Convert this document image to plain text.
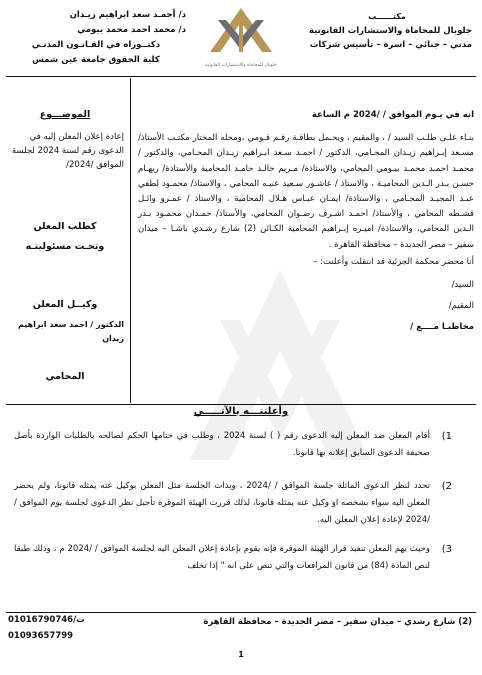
مكتــــــب
جلوبال للمحاماة والاستشارات القانونية
مدني – جنائي – اسرة – تأسيس شركات
جلوبال للمحاماة والاستشارات القانونية
د/ أحمـد سعد ابراهيم زيـدان
د/ محمد احمد محمد بيومي
دكتــوراه في القـانـون المدنـي
كلية الحقوق جامعة عين شمس
الموضـــوع
إعادة إعلان المعلن إليه في الدعوى رقم لسنة 2024 لجلسة الموافق /2024/
كطلب المعلن
وتحـت مسئوليتـه
وكيــل المعلن
الدكتور / احمد سعد ابراهيم زيدان
المحامي
انه في يـوم الموافق / /2024 م الساعة
بنـاء علـى طلـب السيد / ، والمقيم ، ويحـمل بطاقـة رقـم قـومي ،ومحله المختار مكتـب الأستاذ/ مسـعد إبـراهيم زيـدان المحـامي، الدكتور / احمـد سـعد ابـراهيم زيـدان المحـامي، والدكتور / محمـد احمـد محمـد بيـومي المحامي، والاستاذة/ مـريم خالـد حامـد المحامية والأستاذة/ ريهـام حسـن بـدر الـدين المحاميـة ، والاستاذ / عاشـور سـعيد عنبـه المحامي ، والاستاذ/ محمـود لطفي عبـد المجيـد المحـامي ، والاستاذة/ ايمـان عبـاس هـلال المحامية ، والاستاذ / عمـرو وائـل قشـطه المحامي ، والأستاذ/ احمـد اشـرف رضـوان المحامي، والأستاذ/ حمـدان محمـود بـدر الـدين المحامي، والاستاذة/ اميـره إبـراهيم المحامية الكـائن (2) شارع رشـدي باشـا – ميدان سفير – مصر الجديدة – محافظة القاهرة .
أنا محضر محكمة الجزئية قد انتقلت وأعلنت: –
السيد/
المقيم/
مخاطبـا مــــع /
وأعلنتـــه بالآتـــــي
1)
أقام المعلن ضد المعلن إليه الدعوى رقم ( ) لسنة 2024 ، وطلب في ختامها الحكم لصالحه بالطلبات الواردة بأصل صحيفة الدعوى السابق إعلانه بها قانونا.
2)
تحدد لنظر الدعوى الماثلة جلسة الموافق / /2024 ، وبذات الجلسة مثل المعلن بوكيل عنه يمثله قانونا، ولم يحضر المعلن اليه سواء بشخصه او وكيل عنه يمثله قانونا، لذلك قررت الهيئة الموقرة تأجيل نظر الدعوى لجلسة يوم الموافق / /2024 لإعادة إعلان المعلن اليه.
3)
وحيث يهم المعلن تنفيذ قرار الهيئة الموقرة فإنه يقوم بإعادة إعلان المعلن اليه لجلسة الموافق / /2024 م ، وذلك طبقا لنص المادة (84) من قانون المرافعات والتي تنص على انه " إذا تخلف
(2) شارع رشدي – ميدان سفير – مصر الجديدة – محافظة القاهرة
ت/01016790746
01093657799
1
